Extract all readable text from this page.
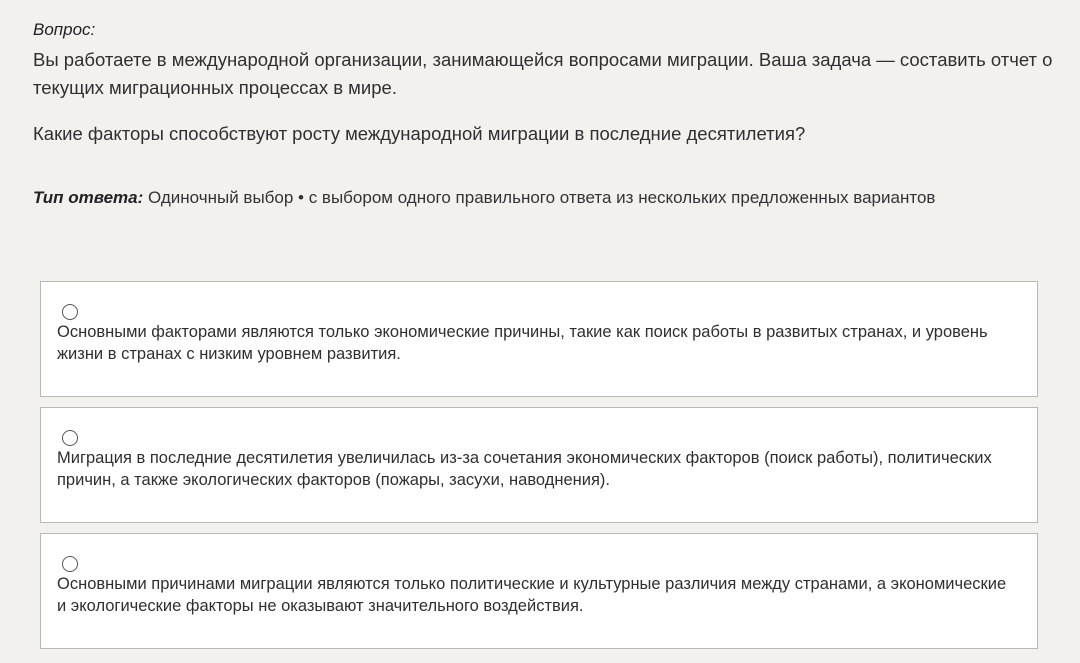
Вопрос:
Вы работаете в международной организации, занимающейся вопросами миграции. Ваша задача — составить отчет о текущих миграционных процессах в мире.
Какие факторы способствуют росту международной миграции в последние десятилетия?
Тип ответа: Одиночный выбор • с выбором одного правильного ответа из нескольких предложенных вариантов
Основными факторами являются только экономические причины, такие как поиск работы в развитых странах, и уровень жизни в странах с низким уровнем развития.
Миграция в последние десятилетия увеличилась из-за сочетания экономических факторов (поиск работы), политических причин, а также экологических факторов (пожары, засухи, наводнения).
Основными причинами миграции являются только политические и культурные различия между странами, а экономические и экологические факторы не оказывают значительного воздействия.
